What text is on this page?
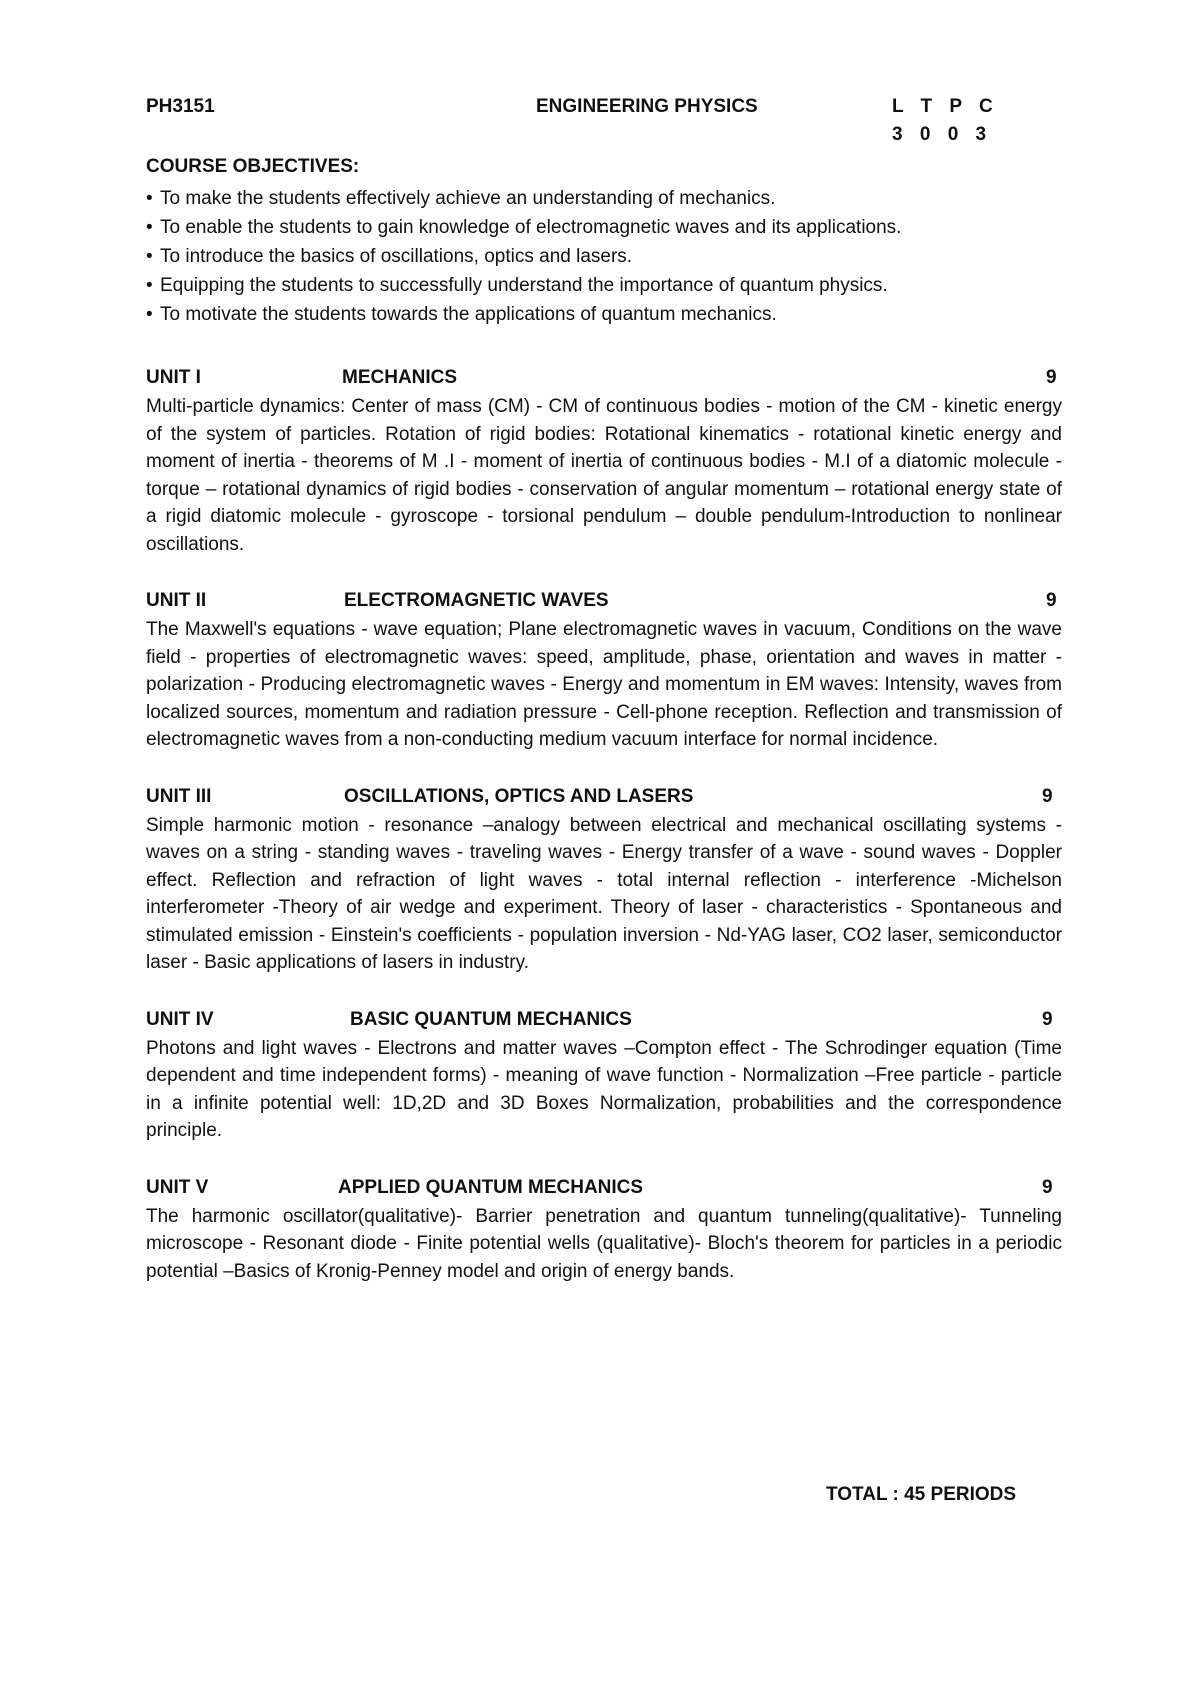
PH3151	ENGINEERING PHYSICS	L T P C
3 0 0 3
COURSE OBJECTIVES:
• To make the students effectively achieve an understanding of mechanics.
• To enable the students to gain knowledge of electromagnetic waves and its applications.
• To introduce the basics of oscillations, optics and lasers.
• Equipping the students to successfully understand the importance of quantum physics.
• To motivate the students towards the applications of quantum mechanics.
UNIT I	MECHANICS	9

Multi-particle dynamics: Center of mass (CM) - CM of continuous bodies - motion of the CM - kinetic energy of the system of particles. Rotation of rigid bodies: Rotational kinematics - rotational kinetic energy and moment of inertia - theorems of M .I - moment of inertia of continuous bodies - M.I of a diatomic molecule - torque – rotational dynamics of rigid bodies - conservation of angular momentum – rotational energy state of a rigid diatomic molecule - gyroscope - torsional pendulum – double pendulum-Introduction to nonlinear oscillations.

UNIT II	ELECTROMAGNETIC WAVES	9

The Maxwell's equations - wave equation; Plane electromagnetic waves in vacuum, Conditions on the wave field - properties of electromagnetic waves: speed, amplitude, phase, orientation and waves in matter - polarization - Producing electromagnetic waves - Energy and momentum in EM waves: Intensity, waves from localized sources, momentum and radiation pressure - Cell-phone reception. Reflection and transmission of electromagnetic waves from a non-conducting medium vacuum interface for normal incidence.

UNIT III	OSCILLATIONS, OPTICS AND LASERS	9

Simple harmonic motion - resonance –analogy between electrical and mechanical oscillating systems - waves on a string - standing waves - traveling waves - Energy transfer of a wave - sound waves - Doppler effect. Reflection and refraction of light waves - total internal reflection - interference -Michelson interferometer -Theory of air wedge and experiment. Theory of laser - characteristics - Spontaneous and stimulated emission - Einstein's coefficients - population inversion - Nd-YAG laser, CO2 laser, semiconductor laser - Basic applications of lasers in industry.

UNIT IV	BASIC QUANTUM MECHANICS	9

Photons and light waves - Electrons and matter waves –Compton effect - The Schrodinger equation (Time dependent and time independent forms) - meaning of wave function - Normalization –Free particle - particle in a infinite potential well: 1D,2D and 3D Boxes Normalization, probabilities and the correspondence principle.

UNIT V	APPLIED QUANTUM MECHANICS	9

The harmonic oscillator(qualitative)- Barrier penetration and quantum tunneling(qualitative)- Tunneling microscope - Resonant diode - Finite potential wells (qualitative)- Bloch's theorem for particles in a periodic potential –Basics of Kronig-Penney model and origin of energy bands.

TOTAL : 45 PERIODS
